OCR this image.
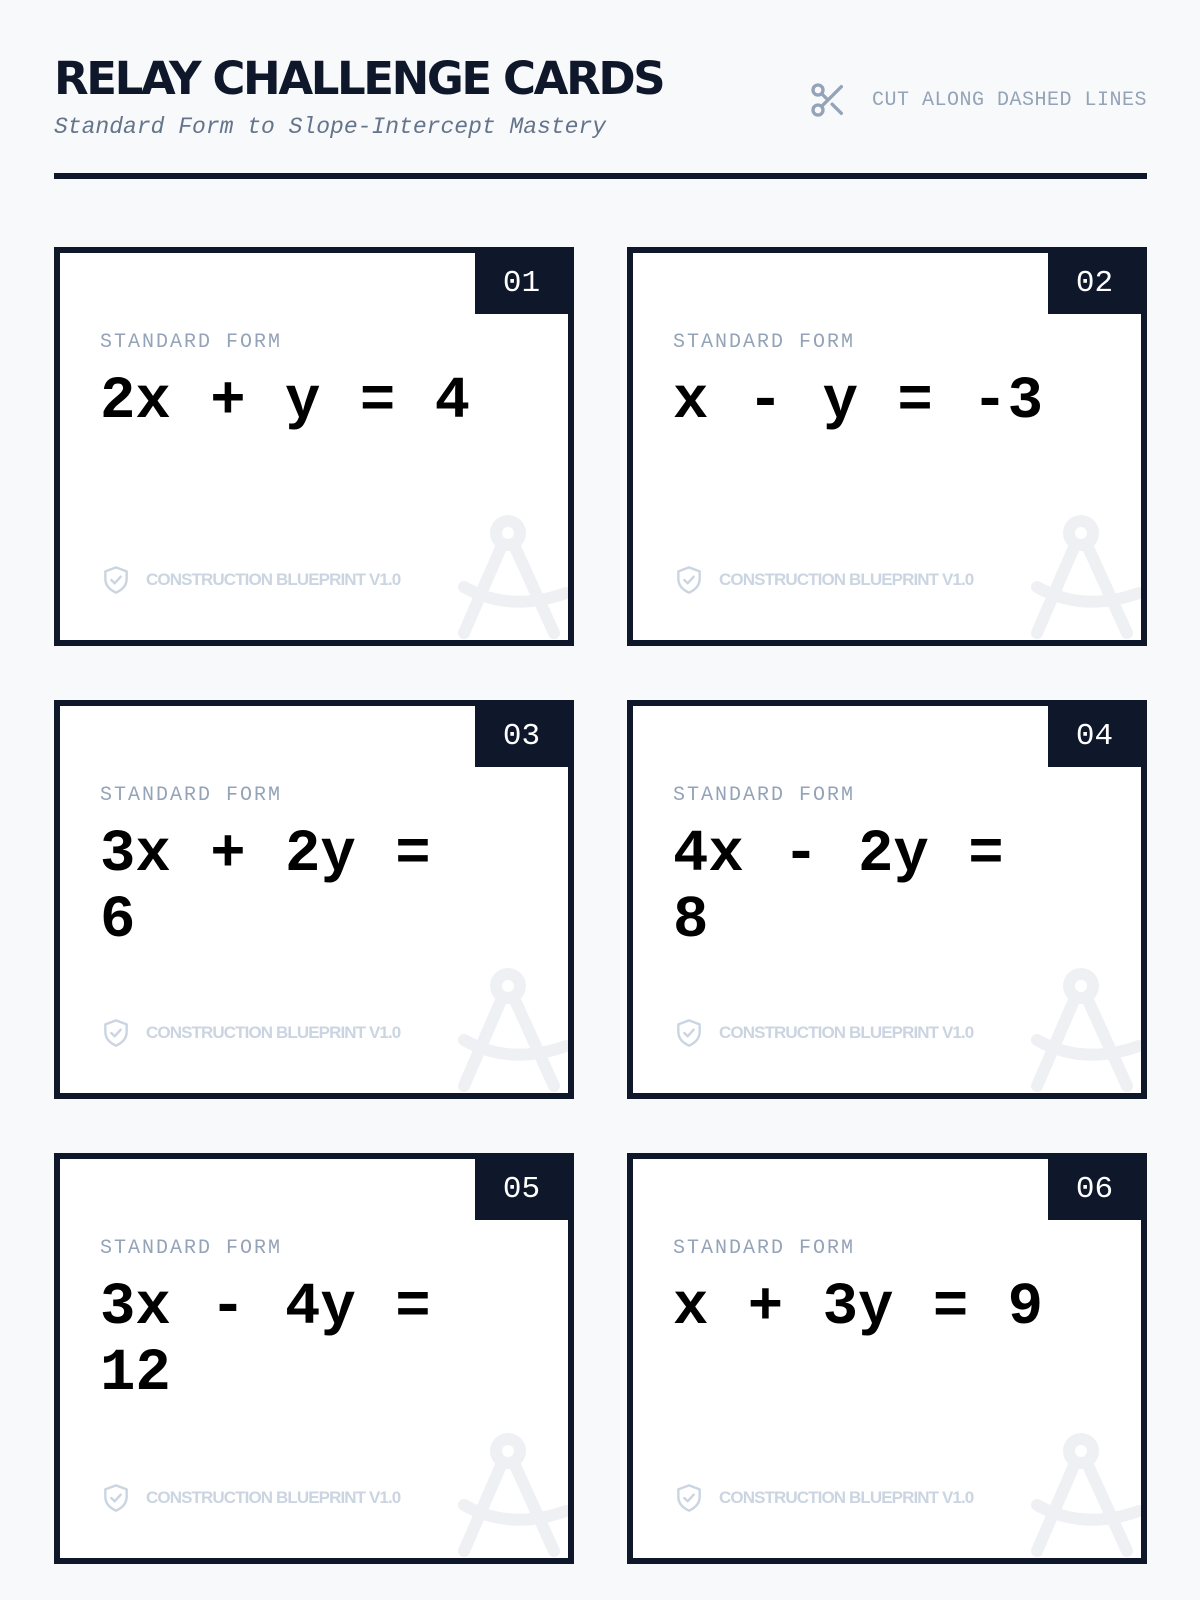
RELAY CHALLENGE CARDS
Standard Form to Slope-Intercept Mastery
CUT ALONG DASHED LINES
01
STANDARD FORM
2x + y = 4
CONSTRUCTION BLUEPRINT V1.0
02
STANDARD FORM
x - y = -3
CONSTRUCTION BLUEPRINT V1.0
03
STANDARD FORM
3x + 2y = 6
CONSTRUCTION BLUEPRINT V1.0
04
STANDARD FORM
4x - 2y = 8
CONSTRUCTION BLUEPRINT V1.0
05
STANDARD FORM
3x - 4y = 12
CONSTRUCTION BLUEPRINT V1.0
06
STANDARD FORM
x + 3y = 9
CONSTRUCTION BLUEPRINT V1.0
